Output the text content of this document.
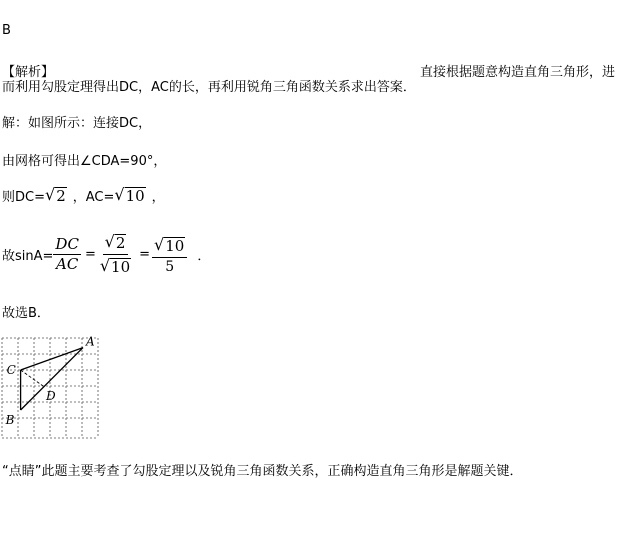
B
【解析】	直接根据题意构造直角三角形，进
而利用勾股定理得出DC，AC的长，再利用锐角三角函数关系求出答案．
解：如图所示：连接DC，
由网格可得出∠CDA=90°，
则DC= √ 2 ，AC= √ 10 ，
故$\sin A= \frac{DC}{AC} = \frac{√ 2}{√ 10} = \frac{√ 10}{5}$ ．
故选B．
A
B
C
D
“点睛”此题主要考查了勾股定理以及锐角三角函数关系，正确构造直角三角形是解题关键．
